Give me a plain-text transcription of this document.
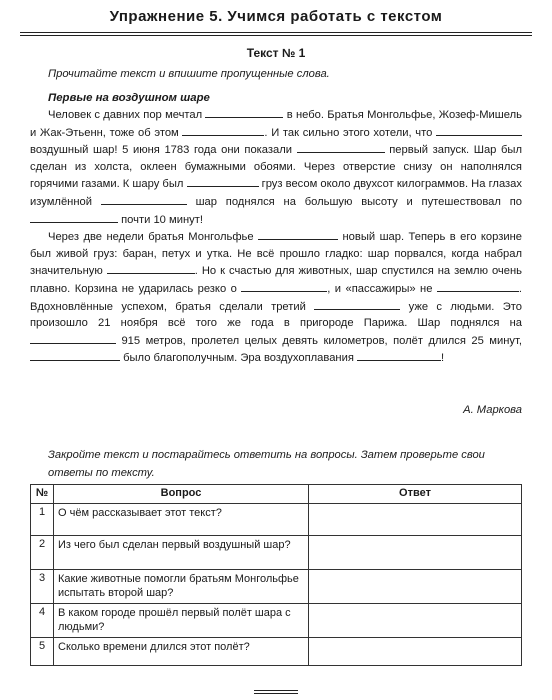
Упражнение 5. Учимся работать с текстом
Текст № 1
Прочитайте текст и впишите пропущенные слова.
Первые на воздушном шаре

Человек с давних пор мечтал	в небо. Братья Монгольфье, Жозеф-Мишель и Жак-Этьенн, тоже об этом	. И так сильно этого хотели, что  воздушный шар! 5 июня 1783 года они показали	первый запуск. Шар был сделан из холста, оклеен бумажными обоями. Через отверстие снизу он наполнялся горячими газами. К шару был	груз весом около двухсот килограммов. На глазах изумлённой	шар поднялся на большую высоту и путешествовал по  почти 10 минут!

Через две недели братья Монгольфье	новый шар. Теперь в его корзине был живой груз: баран, петух и утка. Не всё прошло гладко: шар порвался, когда набрал значительную	. Но к счастью для животных, шар спустился на землю очень плавно. Корзина не ударилась резко о	, и «пассажиры» не	. Вдохновлённые успехом, братья сделали третий	уже с людьми. Это произошло 21 ноября всё того же года в пригороде Парижа. Шар поднялся на  915 метров, пролетел целых девять километров, полёт длился 25 минут,  было благополучным. Эра воздухоплавания	!

А. Маркова
Закройте текст и постарайтесь ответить на вопросы. Затем проверьте свои ответы по тексту.
№	Вопрос	Ответ
1	О чём рассказывает этот текст?	
2	Из чего был сделан первый воздушный шар?	
3	Какие животные помогли братьям Монгольфье испытать второй шар?	
4	В каком городе прошёл первый полёт шара с людьми?	
5	Сколько времени длился этот полёт?	
